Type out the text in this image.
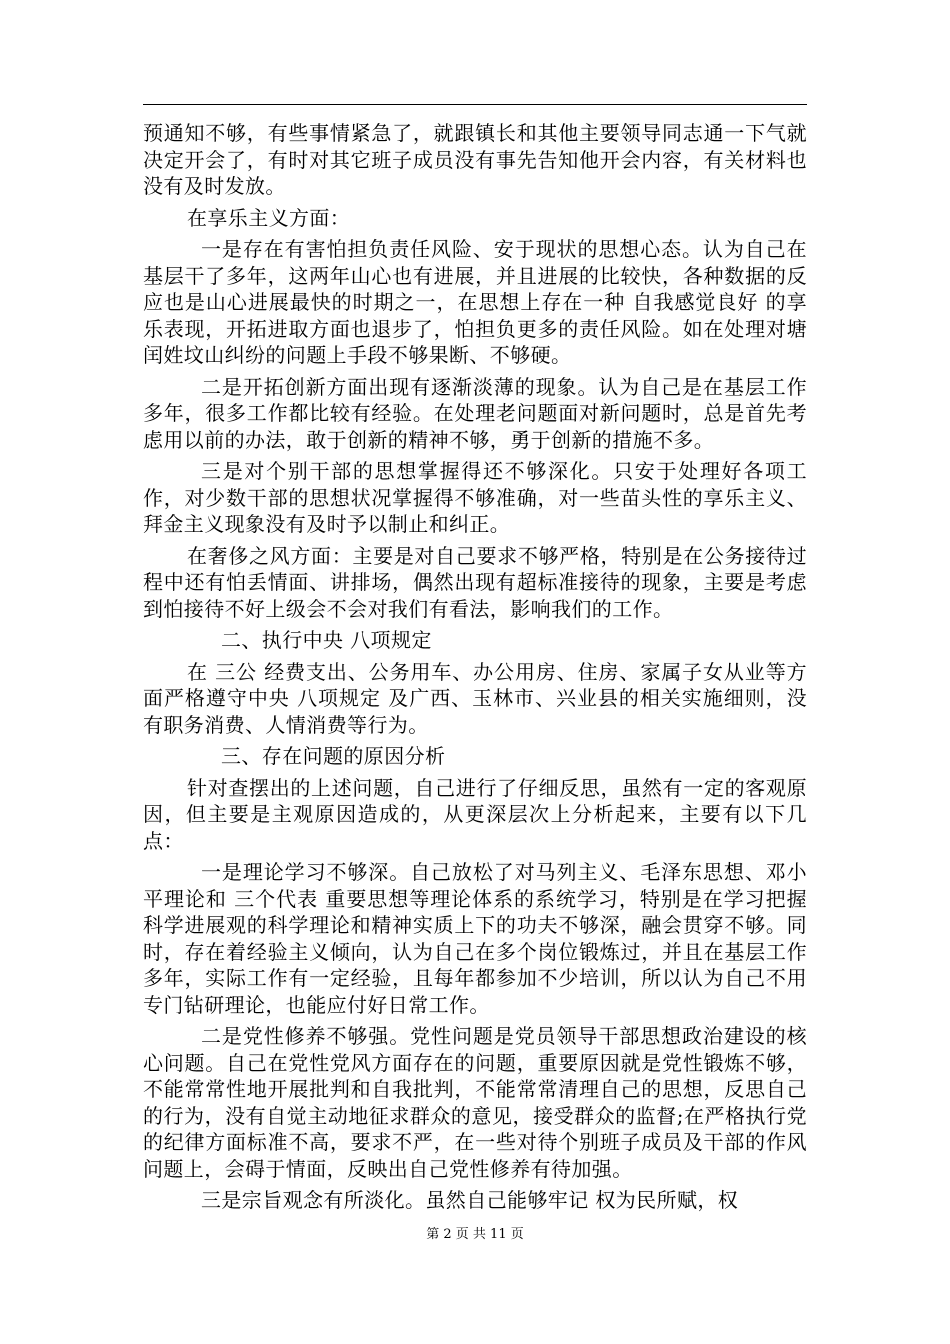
预通知不够，有些事情紧急了，就跟镇长和其他主要领导同志通一下气就决定开会了，有时对其它班子成员没有事先告知他开会内容，有关材料也没有及时发放。

在享乐主义方面：

一是存在有害怕担负责任风险、安于现状的思想心态。认为自己在基层干了多年，这两年山心也有进展，并且进展的比较快，各种数据的反应也是山心进展最快的时期之一，在思想上存在一种 自我感觉良好 的享乐表现，开拓进取方面也退步了，怕担负更多的责任风险。如在处理对塘闰姓坟山纠纷的问题上手段不够果断、不够硬。

二是开拓创新方面出现有逐渐淡薄的现象。认为自己是在基层工作多年，很多工作都比较有经验。在处理老问题面对新问题时，总是首先考虑用以前的办法，敢于创新的精神不够，勇于创新的措施不多。

三是对个别干部的思想掌握得还不够深化。只安于处理好各项工作，对少数干部的思想状况掌握得不够准确，对一些苗头性的享乐主义、拜金主义现象没有及时予以制止和纠正。

在奢侈之风方面：主要是对自己要求不够严格，特别是在公务接待过程中还有怕丢情面、讲排场，偶然出现有超标准接待的现象，主要是考虑到怕接待不好上级会不会对我们有看法，影响我们的工作。

二、执行中央 八项规定

在 三公 经费支出、公务用车、办公用房、住房、家属子女从业等方面严格遵守中央 八项规定 及广西、玉林市、兴业县的相关实施细则，没有职务消费、人情消费等行为。

三、存在问题的原因分析

针对查摆出的上述问题，自己进行了仔细反思，虽然有一定的客观原因，但主要是主观原因造成的，从更深层次上分析起来，主要有以下几点：

一是理论学习不够深。自己放松了对马列主义、毛泽东思想、邓小平理论和 三个代表 重要思想等理论体系的系统学习，特别是在学习把握科学进展观的科学理论和精神实质上下的功夫不够深，融会贯穿不够。同时，存在着经验主义倾向，认为自己在多个岗位锻炼过，并且在基层工作多年，实际工作有一定经验，且每年都参加不少培训，所以认为自己不用专门钻研理论，也能应付好日常工作。

二是党性修养不够强。党性问题是党员领导干部思想政治建设的核心问题。自己在党性党风方面存在的问题，重要原因就是党性锻炼不够，不能常常性地开展批判和自我批判，不能常常清理自己的思想，反思自己的行为，没有自觉主动地征求群众的意见，接受群众的监督;在严格执行党的纪律方面标准不高，要求不严，在一些对待个别班子成员及干部的作风问题上，会碍于情面，反映出自己党性修养有待加强。

三是宗旨观念有所淡化。虽然自己能够牢记 权为民所赋，权

第 2 页 共 11 页
